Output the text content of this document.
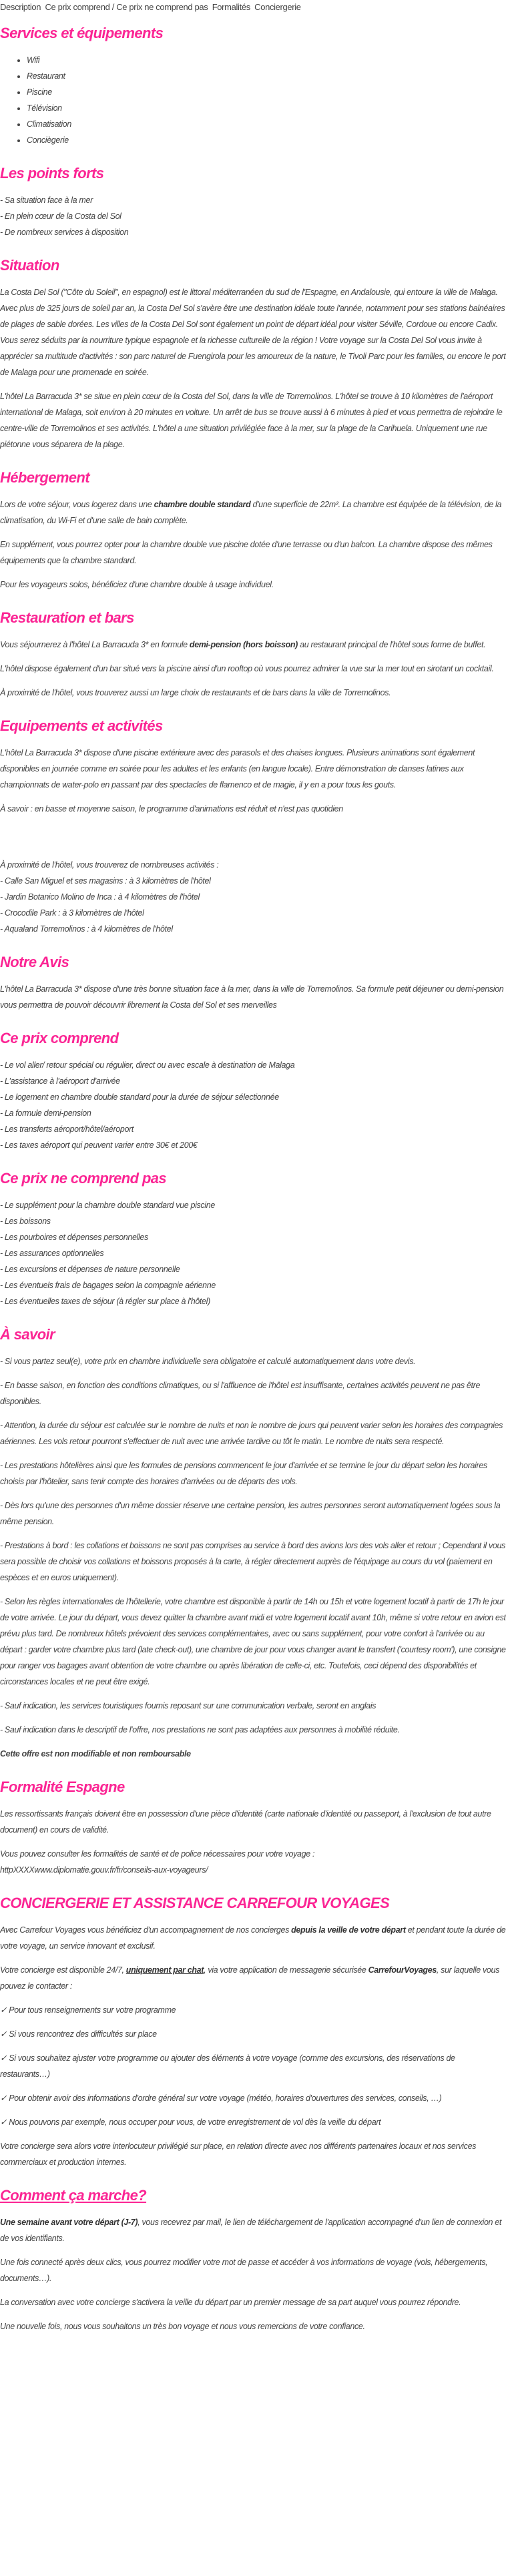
Description Ce prix comprend / Ce prix ne comprend pas Formalités Conciergerie
Services et équipements
• Wifi
• Restaurant
• Piscine
• Télévision
• Climatisation
• Conciègerie
Les points forts

- Sa situation face à la mer

- En plein cœur de la Costa del Sol

- De nombreux services à disposition

Situation

La Costa Del Sol ("Côte du Soleil", en espagnol) est le littoral méditerranéen du sud de l'Espagne, en Andalousie, qui entoure la ville de Malaga. Avec plus de 325 jours de soleil par an, la Costa Del Sol s'avère être une destination idéale toute l'année, notamment pour ses stations balnéaires de plages de sable dorées. Les villes de la Costa Del Sol sont également un point de départ idéal pour visiter Séville, Cordoue ou encore Cadix. Vous serez séduits par la nourriture typique espagnole et la richesse culturelle de la région ! Votre voyage sur la Costa Del Sol vous invite à apprécier sa multitude d'activités : son parc naturel de Fuengirola pour les amoureux de la nature, le Tivoli Parc pour les familles, ou encore le port de Malaga pour une promenade en soirée.

L'hôtel La Barracuda 3* se situe en plein cœur de la Costa del Sol, dans la ville de Torremolinos. L'hôtel se trouve à 10 kilomètres de l'aéroport international de Malaga, soit environ à 20 minutes en voiture. Un arrêt de bus se trouve aussi à 6 minutes à pied et vous permettra de rejoindre le centre-ville de Torremolinos et ses activités. L'hôtel a une situation privilégiée face à la mer, sur la plage de la Carihuela. Uniquement une rue piétonne vous séparera de la plage.

Hébergement

Lors de votre séjour, vous logerez dans une chambre double standard d'une superficie de 22m². La chambre est équipée de la télévision, de la climatisation, du Wi-Fi et d'une salle de bain complète.

En supplément, vous pourrez opter pour la chambre double vue piscine dotée d'une terrasse ou d'un balcon. La chambre dispose des mêmes équipements que la chambre standard.

Pour les voyageurs solos, bénéficiez d'une chambre double à usage individuel.

Restauration et bars

Vous séjournerez à l'hôtel La Barracuda 3* en formule demi-pension (hors boisson) au restaurant principal de l'hôtel sous forme de buffet.

L'hôtel dispose également d'un bar situé vers la piscine ainsi d'un rooftop où vous pourrez admirer la vue sur la mer tout en sirotant un cocktail.

À proximité de l'hôtel, vous trouverez aussi un large choix de restaurants et de bars dans la ville de Torremolinos.

Equipements et activités

L'hôtel La Barracuda 3* dispose d'une piscine extérieure avec des parasols et des chaises longues. Plusieurs animations sont également disponibles en journée comme en soirée pour les adultes et les enfants (en langue locale). Entre démonstration de danses latines aux championnats de water-polo en passant par des spectacles de flamenco et de magie, il y en a pour tous les gouts.

À savoir : en basse et moyenne saison, le programme d'animations est réduit et n'est pas quotidien

À proximité de l'hôtel, vous trouverez de nombreuses activités :

- Calle San Miguel et ses magasins : à 3 kilomètres de l'hôtel

- Jardin Botanico Molino de Inca : à 4 kilomètres de l'hôtel

- Crocodile Park : à 3 kilomètres de l'hôtel

- Aqualand Torremolinos : à 4 kilomètres de l'hôtel

Notre Avis

L'hôtel La Barracuda 3* dispose d'une très bonne situation face à la mer, dans la ville de Torremolinos. Sa formule petit déjeuner ou demi-pension vous permettra de pouvoir découvrir librement la Costa del Sol et ses merveilles

Ce prix comprend

- Le vol aller/ retour spécial ou régulier, direct ou avec escale à destination de Malaga

- L'assistance à l'aéroport d'arrivée

- Le logement en chambre double standard pour la durée de séjour sélectionnée

- La formule demi-pension

- Les transferts aéroport/hôtel/aéroport

- Les taxes aéroport qui peuvent varier entre 30€ et 200€

Ce prix ne comprend pas

- Le supplément pour la chambre double standard vue piscine

- Les boissons

- Les pourboires et dépenses personnelles

- Les assurances optionnelles

- Les excursions et dépenses de nature personnelle

- Les éventuels frais de bagages selon la compagnie aérienne

- Les éventuelles taxes de séjour (à régler sur place à l'hôtel)

À savoir

- Si vous partez seul(e), votre prix en chambre individuelle sera obligatoire et calculé automatiquement dans votre devis.

- En basse saison, en fonction des conditions climatiques, ou si l'affluence de l'hôtel est insuffisante, certaines activités peuvent ne pas être disponibles.

- Attention, la durée du séjour est calculée sur le nombre de nuits et non le nombre de jours qui peuvent varier selon les horaires des compagnies aériennes. Les vols retour pourront s'effectuer de nuit avec une arrivée tardive ou tôt le matin. Le nombre de nuits sera respecté.

- Les prestations hôtelières ainsi que les formules de pensions commencent le jour d'arrivée et se termine le jour du départ selon les horaires choisis par l'hôtelier, sans tenir compte des horaires d'arrivées ou de départs des vols.

- Dès lors qu'une des personnes d'un même dossier réserve une certaine pension, les autres personnes seront automatiquement logées sous la même pension.

- Prestations à bord : les collations et boissons ne sont pas comprises au service à bord des avions lors des vols aller et retour ; Cependant il vous sera possible de choisir vos collations et boissons proposés à la carte, à régler directement auprès de l'équipage au cours du vol (paiement en espèces et en euros uniquement).

- Selon les règles internationales de l'hôtellerie, votre chambre est disponible à partir de 14h ou 15h et votre logement locatif à partir de 17h le jour de votre arrivée. Le jour du départ, vous devez quitter la chambre avant midi et votre logement locatif avant 10h, même si votre retour en avion est prévu plus tard. De nombreux hôtels prévoient des services complémentaires, avec ou sans supplément, pour votre confort à l'arrivée ou au départ : garder votre chambre plus tard (late check-out), une chambre de jour pour vous changer avant le transfert ('courtesy room'), une consigne pour ranger vos bagages avant obtention de votre chambre ou après libération de celle-ci, etc. Toutefois, ceci dépend des disponibilités et circonstances locales et ne peut être exigé.

- Sauf indication, les services touristiques fournis reposant sur une communication verbale, seront en anglais

- Sauf indication dans le descriptif de l'offre, nos prestations ne sont pas adaptées aux personnes à mobilité réduite.

Cette offre est non modifiable et non remboursable

Formalité Espagne

Les ressortissants français doivent être en possession d'une pièce d'identité (carte nationale d'identité ou passeport, à l'exclusion de tout autre document) en cours de validité.

Vous pouvez consulter les formalités de santé et de police nécessaires pour votre voyage :
httpXXXXwww.diplomatie.gouv.fr/fr/conseils-aux-voyageurs/

CONCIERGERIE ET ASSISTANCE CARREFOUR VOYAGES

Avec Carrefour Voyages vous bénéficiez d'un accompagnement de nos concierges depuis la veille de votre départ et pendant toute la durée de votre voyage, un service innovant et exclusif.

Votre concierge est disponible 24/7, uniquement par chat, via votre application de messagerie sécurisée CarrefourVoyages, sur laquelle vous pouvez le contacter :

✓ Pour tous renseignements sur votre programme

✓ Si vous rencontrez des difficultés sur place

✓ Si vous souhaitez ajuster votre programme ou ajouter des éléments à votre voyage (comme des excursions, des réservations de restaurants…)

✓ Pour obtenir avoir des informations d'ordre général sur votre voyage (météo, horaires d'ouvertures des services, conseils, …)

✓ Nous pouvons par exemple, nous occuper pour vous, de votre enregistrement de vol dès la veille du départ

Votre concierge sera alors votre interlocuteur privilégié sur place, en relation directe avec nos différents partenaires locaux et nos services commerciaux et production internes.

Comment ça marche?

Une semaine avant votre départ (J-7), vous recevrez par mail, le lien de téléchargement de l'application accompagné d'un lien de connexion et de vos identifiants.

Une fois connecté après deux clics, vous pourrez modifier votre mot de passe et accéder à vos informations de voyage (vols, hébergements, documents…).

La conversation avec votre concierge s'activera la veille du départ par un premier message de sa part auquel vous pourrez répondre.

Une nouvelle fois, nous vous souhaitons un très bon voyage et nous vous remercions de votre confiance.
